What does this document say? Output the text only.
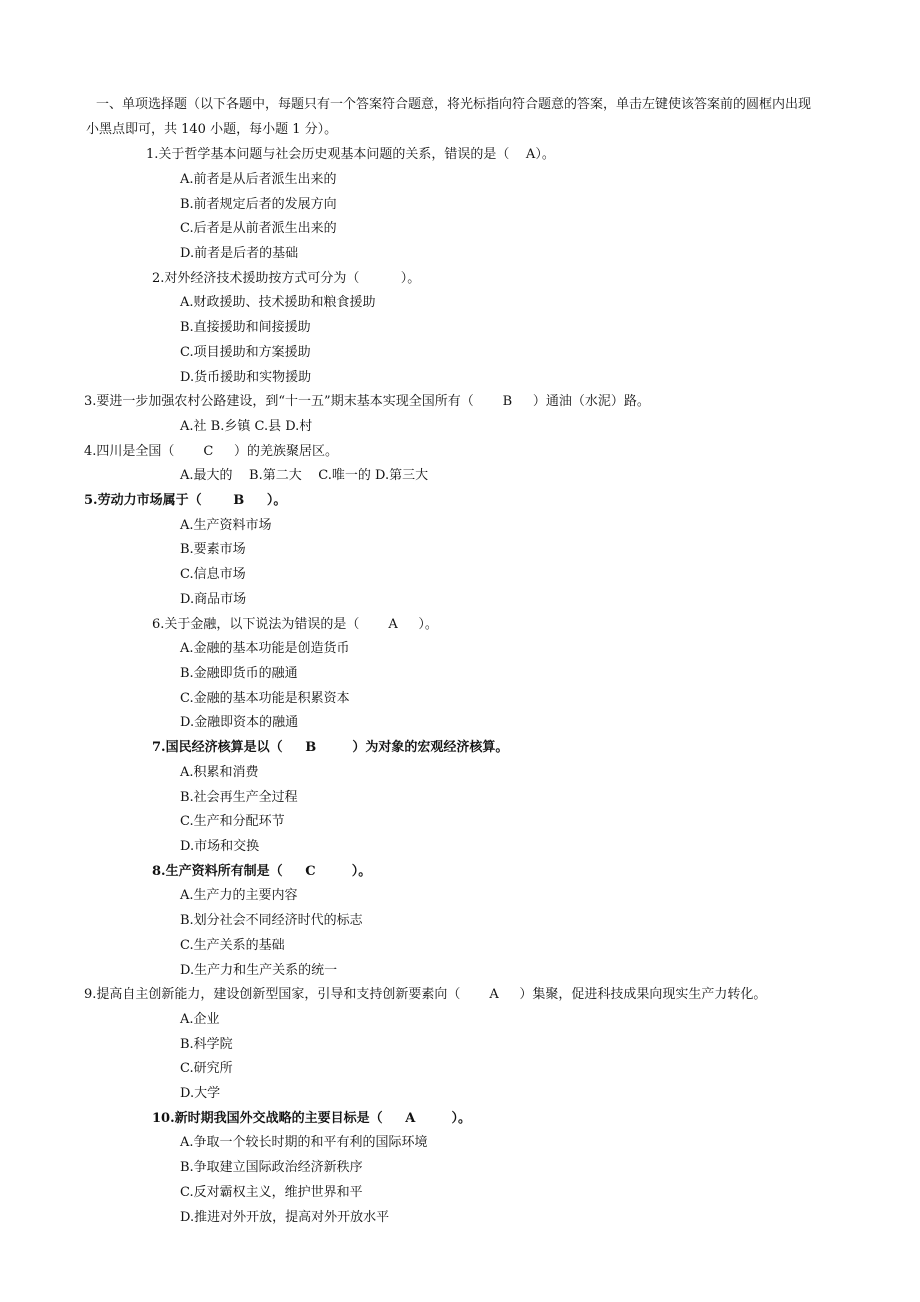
一、单项选择题（以下各题中，每题只有一个答案符合题意，将光标指向符合题意的答案，单击左键使该答案前的圆框内出现
小黑点即可，共 140 小题，每小题 1 分）。
1.关于哲学基本问题与社会历史观基本问题的关系，错误的是（    A）。
A.前者是从后者派生出来的
B.前者规定后者的发展方向
C.后者是从前者派生出来的
D.前者是后者的基础
2.对外经济技术援助按方式可分为（          ）。
A.财政援助、技术援助和粮食援助
B.直接援助和间接援助
C.项目援助和方案援助
D.货币援助和实物援助
3.要进一步加强农村公路建设，到“十一五”期末基本实现全国所有（       B     ）通油（水泥）路。
A.社 B.乡镇 C.县 D.村
4.四川是全国（       C     ）的羌族聚居区。
A.最大的    B.第二大    C.唯一的 D.第三大
5.劳动力市场属于（       B     ）。
A.生产资料市场
B.要素市场
C.信息市场
D.商品市场
6.关于金融，以下说法为错误的是（       A     ）。
A.金融的基本功能是创造货币
B.金融即货币的融通
C.金融的基本功能是积累资本
D.金融即资本的融通
7.国民经济核算是以（     B        ）为对象的宏观经济核算。
A.积累和消费
B.社会再生产全过程
C.生产和分配环节
D.市场和交换
8.生产资料所有制是（     C        ）。
A.生产力的主要内容
B.划分社会不同经济时代的标志
C.生产关系的基础
D.生产力和生产关系的统一
9.提高自主创新能力，建设创新型国家，引导和支持创新要素向（       A     ）集聚，促进科技成果向现实生产力转化。
A.企业
B.科学院
C.研究所
D.大学
10.新时期我国外交战略的主要目标是（     A        ）。
A.争取一个较长时期的和平有利的国际环境
B.争取建立国际政治经济新秩序
C.反对霸权主义，维护世界和平
D.推进对外开放，提高对外开放水平
